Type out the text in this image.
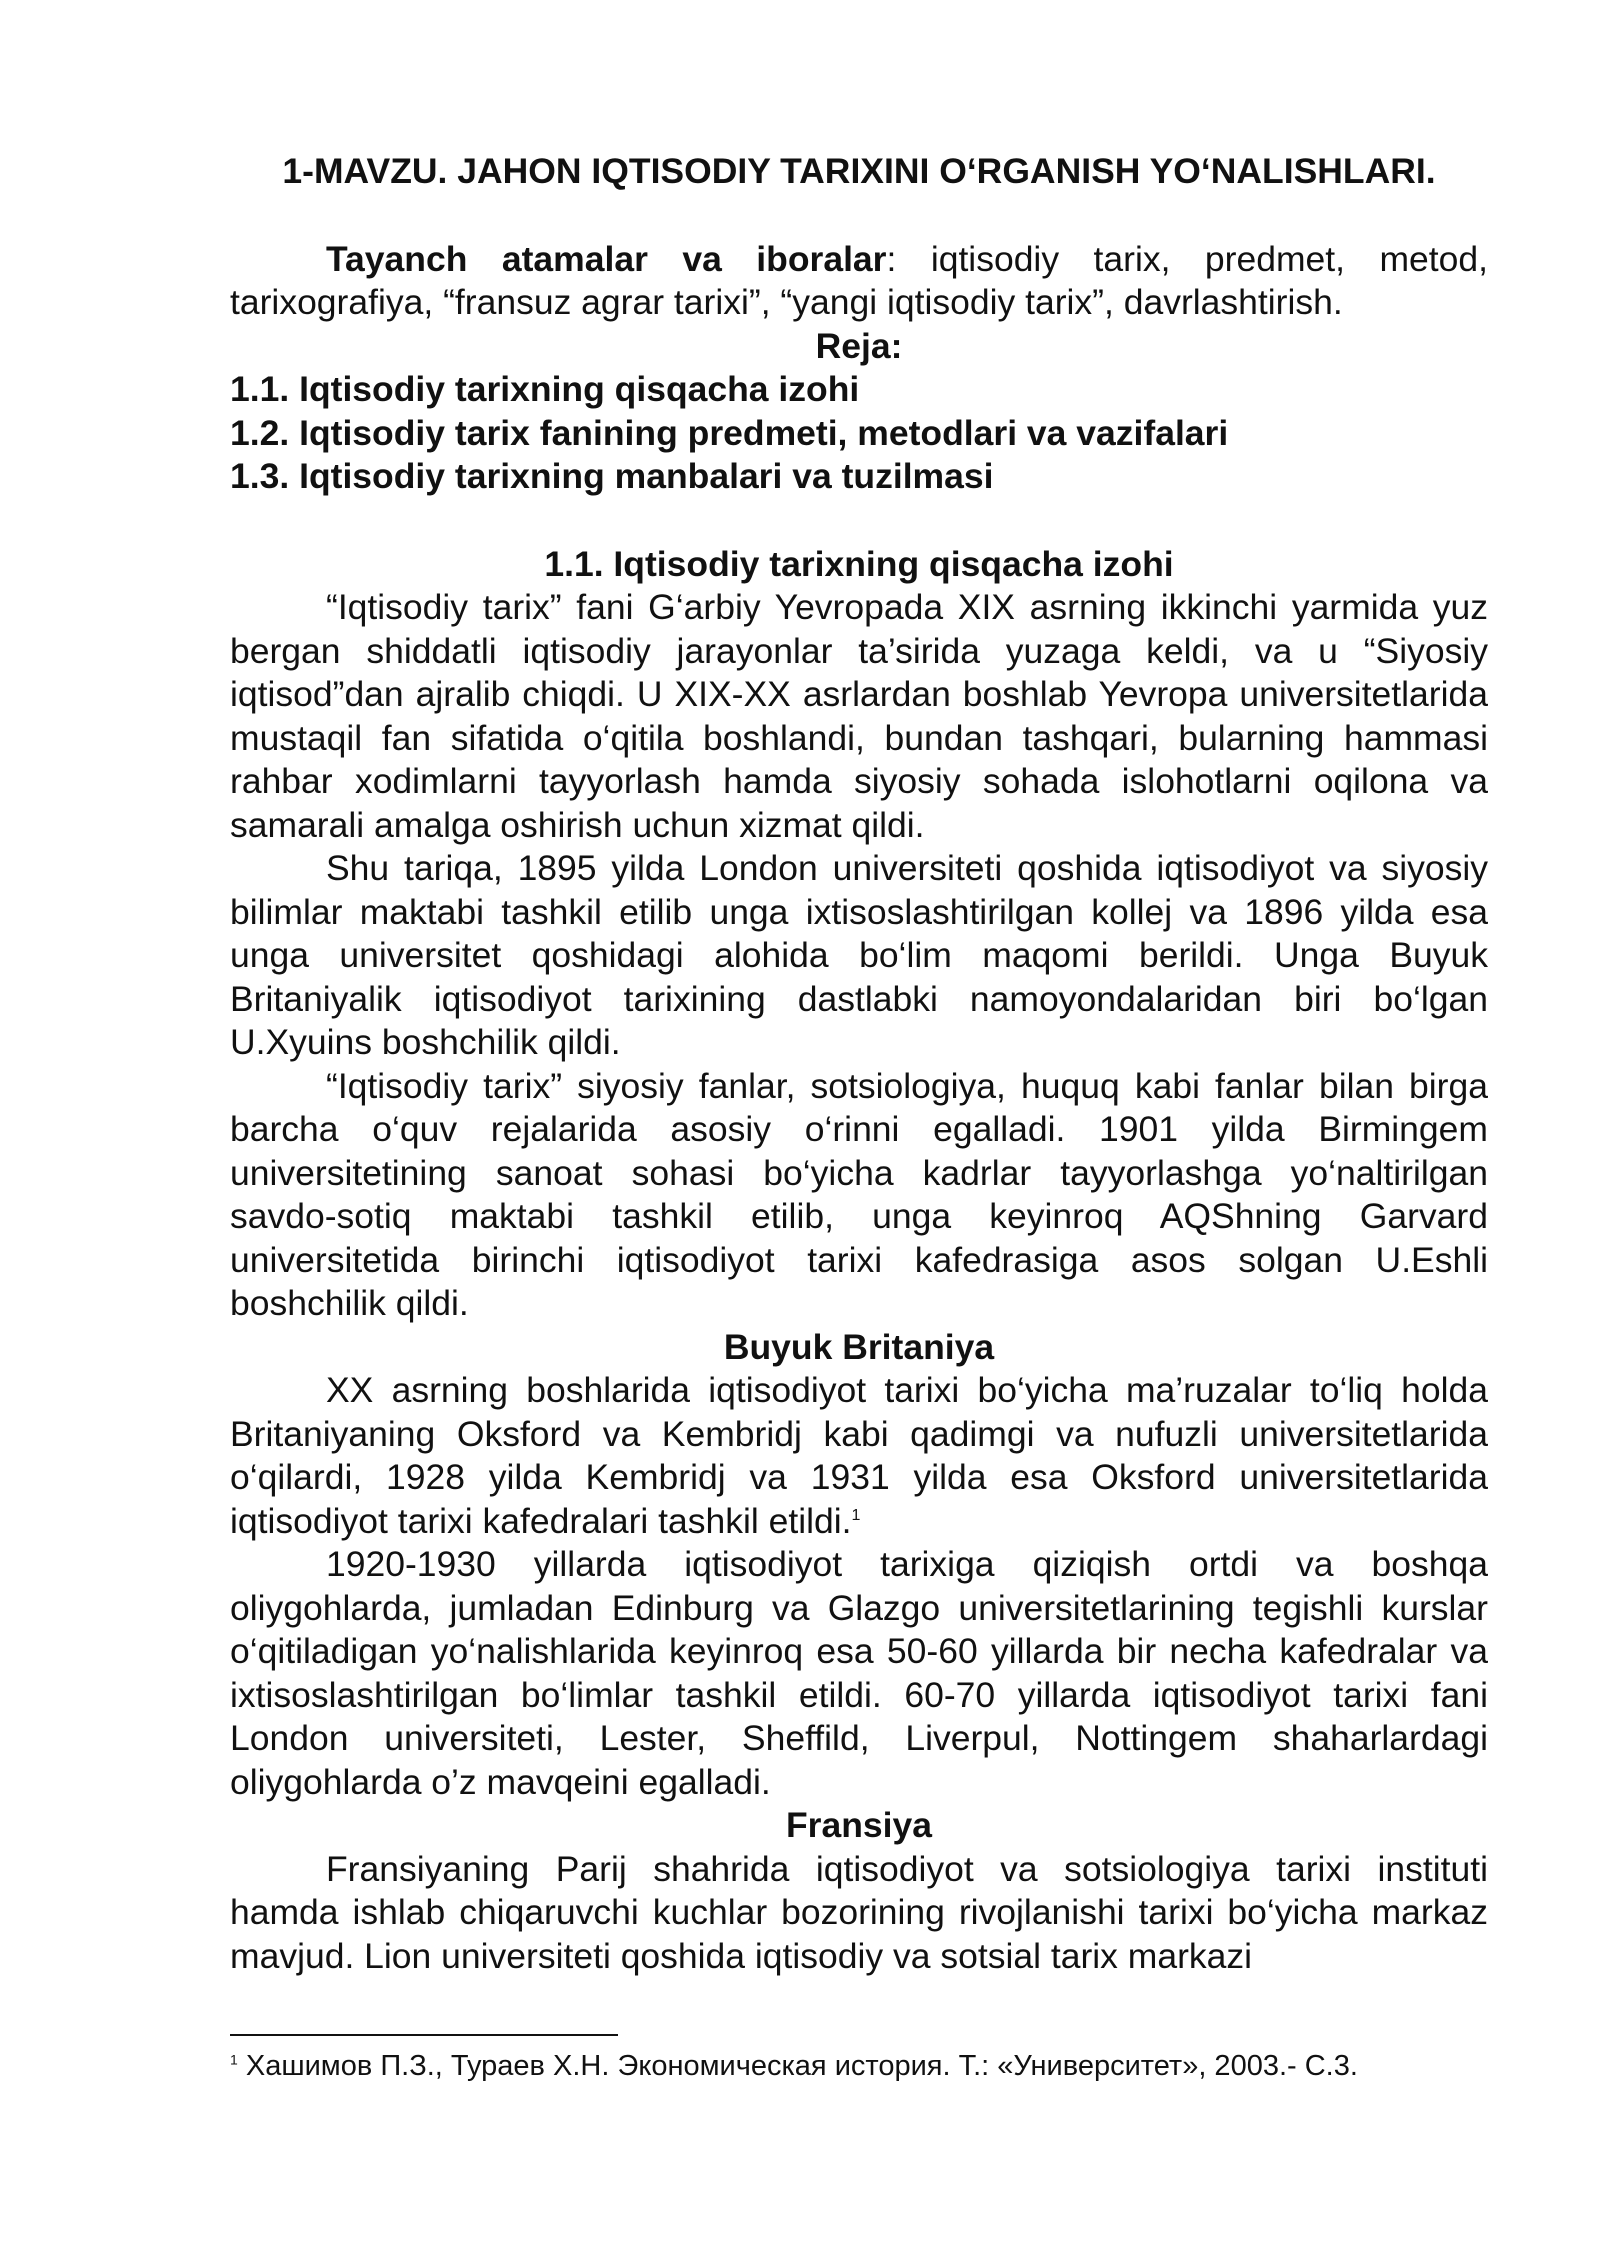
1-MAVZU. JAHON IQTISODIY TARIXINI O‘RGANISH YO‘NALISHLARI.

Tayanch atamalar va iboralar: iqtisodiy tarix, predmet, metod, tarixografiya, “fransuz agrar tarixi”, “yangi iqtisodiy tarix”, davrlashtirish.

Reja:

1.1. Iqtisodiy tarixning qisqacha izohi

1.2. Iqtisodiy tarix fanining predmeti, metodlari va vazifalari

1.3. Iqtisodiy tarixning manbalari va tuzilmasi

1.1. Iqtisodiy tarixning qisqacha izohi

“Iqtisodiy tarix” fani G‘arbiy Yevropada XIX asrning ikkinchi yarmida yuz bergan shiddatli iqtisodiy jarayonlar ta’sirida yuzaga keldi, va u “Siyosiy iqtisod”dan ajralib chiqdi. U XIX-XX asrlardan boshlab Yevropa universitetlarida mustaqil fan sifatida o‘qitila boshlandi, bundan tashqari, bularning hammasi rahbar xodimlarni tayyorlash hamda siyosiy sohada islohotlarni oqilona va samarali amalga oshirish uchun xizmat qildi.

Shu tariqa, 1895 yilda London universiteti qoshida iqtisodiyot va siyosiy bilimlar maktabi tashkil etilib unga ixtisoslashtirilgan kollej va 1896 yilda esa unga universitet qoshidagi alohida bo‘lim maqomi berildi. Unga Buyuk Britaniyalik iqtisodiyot tarixining dastlabki namoyondalaridan biri bo‘lgan U.Xyuins boshchilik qildi.

“Iqtisodiy tarix” siyosiy fanlar, sotsiologiya, huquq kabi fanlar bilan birga barcha o‘quv rejalarida asosiy o‘rinni egalladi. 1901 yilda Birmingem universitetining sanoat sohasi bo‘yicha kadrlar tayyorlashga yo‘naltirilgan savdo-sotiq maktabi tashkil etilib, unga keyinroq AQShning Garvard universitetida birinchi iqtisodiyot tarixi kafedrasiga asos solgan U.Eshli boshchilik qildi.

Buyuk Britaniya

XX asrning boshlarida iqtisodiyot tarixi bo‘yicha ma’ruzalar to‘liq holda Britaniyaning Oksford va Kembridj kabi qadimgi va nufuzli universitetlarida o‘qilardi, 1928 yilda Kembridj va 1931 yilda esa Oksford universitetlarida iqtisodiyot tarixi kafedralari tashkil etildi.$^1$

1920-1930 yillarda iqtisodiyot tarixiga qiziqish ortdi va boshqa oliygohlarda, jumladan Edinburg va Glazgo universitetlarining tegishli kurslar o‘qitiladigan yo‘nalishlarida keyinroq esa 50-60 yillarda bir necha kafedralar va ixtisoslashtirilgan bo‘limlar tashkil etildi. 60-70 yillarda iqtisodiyot tarixi fani London universiteti, Lester, Sheffild, Liverpul, Nottingem shaharlardagi oliygohlarda o’z mavqeini egalladi.

Fransiya

Fransiyaning Parij shahrida iqtisodiyot va sotsiologiya tarixi instituti hamda ishlab chiqaruvchi kuchlar bozorining rivojlanishi tarixi bo‘yicha markaz mavjud. Lion universiteti qoshida iqtisodiy va sotsial tarix markazi

$^1$ Хашимов П.З., Тураев Х.Н. Экономическая история. Т.: «Университет», 2003.- С.3.
